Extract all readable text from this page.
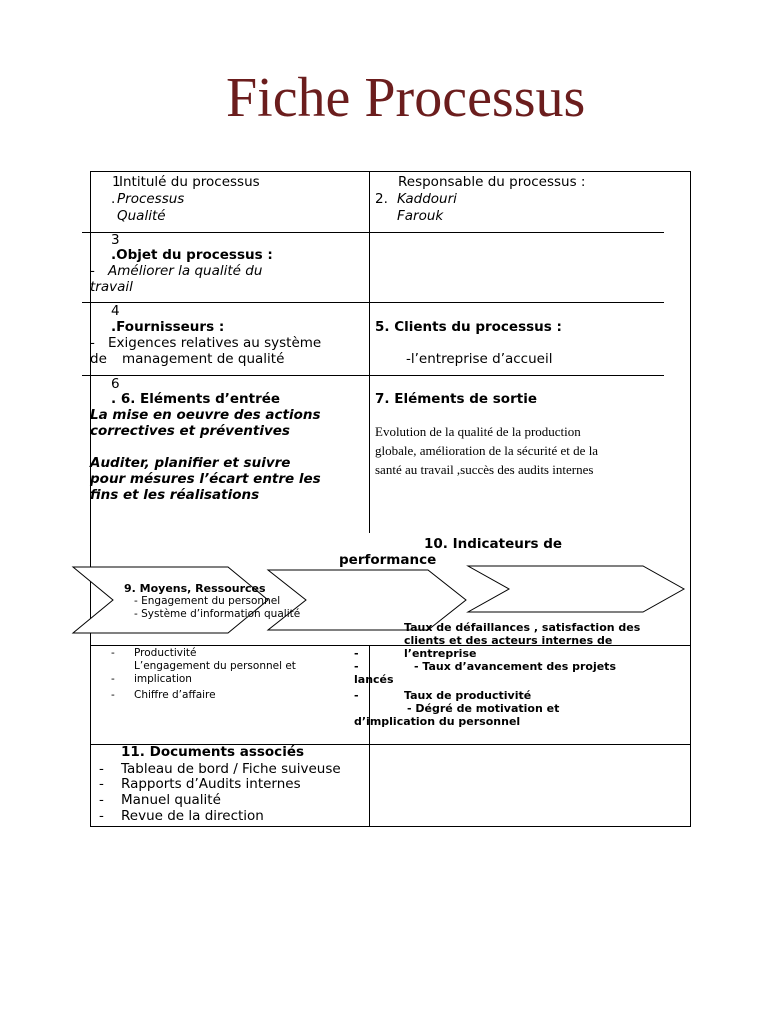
Fiche Processus
1
Intitulé du processus
. Processus
Qualité
Responsable du processus :
2. Kaddouri
Farouk
3
.Objet du processus :
- Améliorer la qualité du
travail
4
.Fournisseurs :
- Exigences relatives au système
de management de qualité
5. Clients du processus :
-l’entreprise d’accueil
6
. 6. Eléments d’entrée
La mise en oeuvre des actions
correctives et préventives
Auditer, planifier et suivre
pour mésures l’écart entre les
fins et les réalisations
7. Eléments de sortie
Evolution de la qualité de la production
globale, amélioration de la sécurité et de la
santé au travail ,succès des audits internes
10. Indicateurs de
performance
9. Moyens, Ressources
- Engagement du personnel
- Système d’information qualité
- Productivité
L’engagement du personnel et
- implication
- Chiffre d’affaire
Taux de défaillances , satisfaction des
clients et des acteurs internes de
-	l’entreprise
- Taux d’avancement des projets
-
lancés
-	Taux de productivité
- Dégré de motivation et
d’implication du personnel
11. Documents associés
- Tableau de bord / Fiche suiveuse
- Rapports d’Audits internes
- Manuel qualité
- Revue de la direction
